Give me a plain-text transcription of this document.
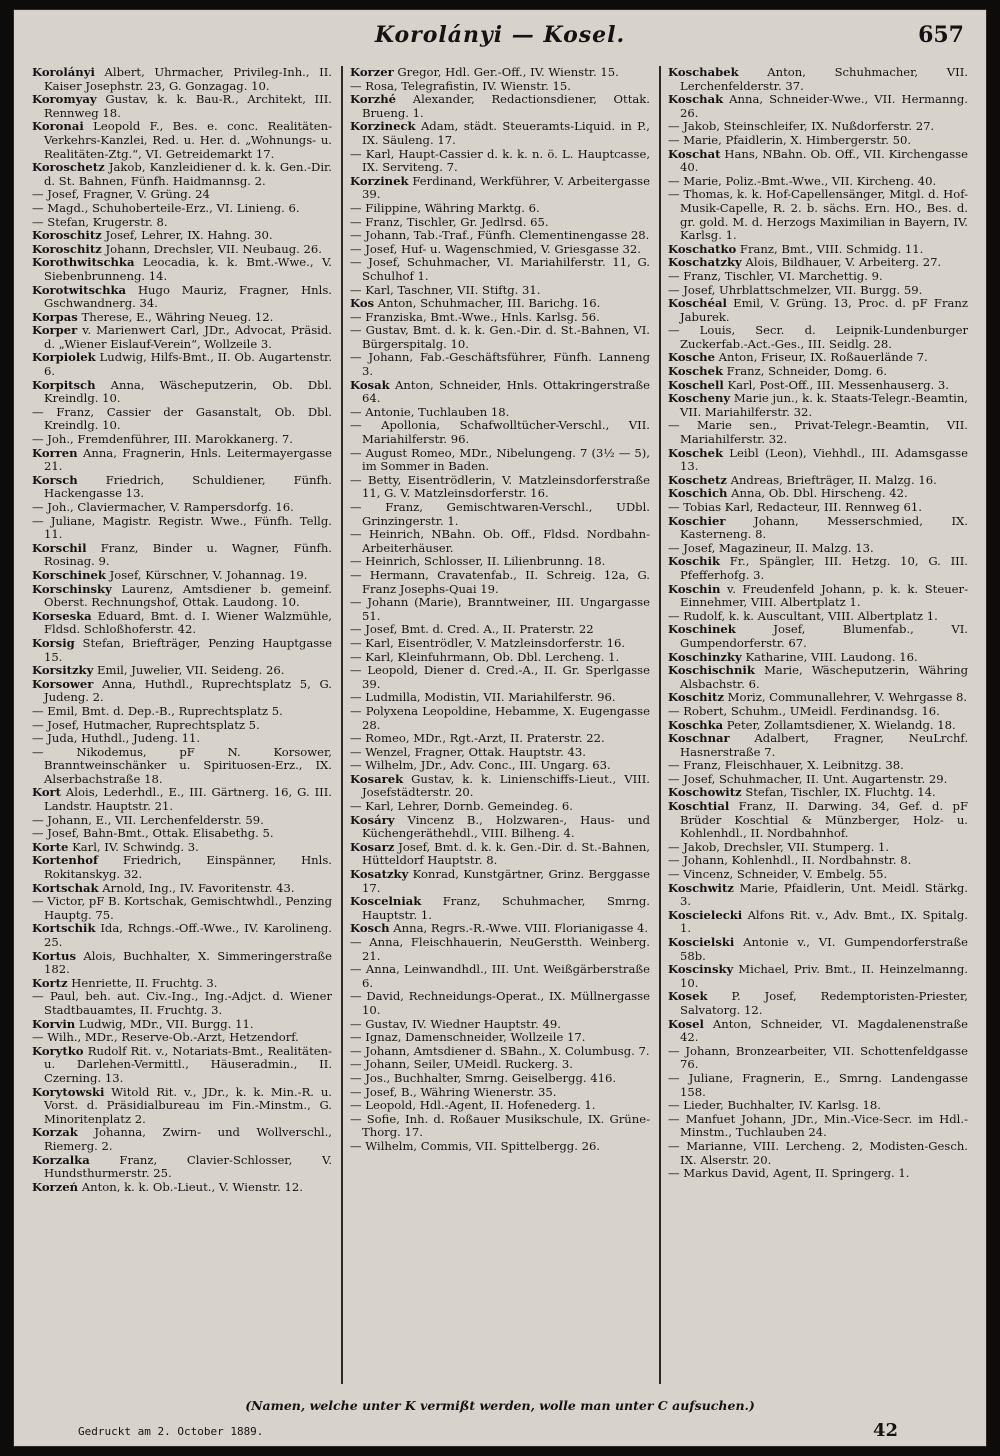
Korolányi — Kosel.	657

Korolányi Albert, Uhrmacher, Privileg-Inh., II. Kaiser Josephstr. 23, G. Gonzagag. 10.

Koromyay Gustav, k. k. Bau-R., Architekt, III. Rennweg 18.

Koronai Leopold F., Bes. e. conc. Realitäten-Verkehrs-Kanzlei, Red. u. Her. d. „Wohnungs- u. Realitäten-Ztg.“, VI. Getreidemarkt 17.

Koroschetz Jakob, Kanzleidiener d. k. k. Gen.-Dir. d. St. Bahnen, Fünfh. Haidmannsg. 2.

— Josef, Fragner, V. Grüng. 24

— Magd., Schuhoberteile-Erz., VI. Linieng. 6.

— Stefan, Krugerstr. 8.

Koroschitz Josef, Lehrer, IX. Hahng. 30.

Koroschitz Johann, Drechsler, VII. Neubaug. 26.

Korothwitschka Leocadia, k. k. Bmt.-Wwe., V. Siebenbrunneng. 14.

Korotwitschka Hugo Mauriz, Fragner, Hnls. Gschwandnerg. 34.

Korpas Therese, E., Währing Neueg. 12.

Korper v. Marienwert Carl, JDr., Advocat, Präsid. d. „Wiener Eislauf-Verein“, Wollzeile 3.

Korpiolek Ludwig, Hilfs-Bmt., II. Ob. Augartenstr. 6.

Korpitsch Anna, Wäscheputzerin, Ob. Dbl. Kreindlg. 10.

— Franz, Cassier der Gasanstalt, Ob. Dbl. Kreindlg. 10.

— Joh., Fremdenführer, III. Marokkanerg. 7.

Korren Anna, Fragnerin, Hnls. Leitermayergasse 21.

Korsch Friedrich, Schuldiener, Fünfh. Hackengasse 13.

— Joh., Claviermacher, V. Rampersdorfg. 16.

— Juliane, Magistr. Registr. Wwe., Fünfh. Tellg. 11.

Korschil Franz, Binder u. Wagner, Fünfh. Rosinag. 9.

Korschinek Josef, Kürschner, V. Johannag. 19.

Korschinsky Laurenz, Amtsdiener b. gemeinf. Oberst. Rechnungshof, Ottak. Laudong. 10.

Korseska Eduard, Bmt. d. I. Wiener Walzmühle, Fldsd. Schloßhoferstr. 42.

Korsig Stefan, Briefträger, Penzing Hauptgasse 15.

Korsitzky Emil, Juwelier, VII. Seideng. 26.

Korsower Anna, Huthdl., Ruprechtsplatz 5, G. Judeng. 2.

— Emil, Bmt. d. Dep.-B., Ruprechtsplatz 5.

— Josef, Hutmacher, Ruprechtsplatz 5.

— Juda, Huthdl., Judeng. 11.

— Nikodemus, pF N. Korsower, Branntweinschänker u. Spirituosen-Erz., IX. Alserbachstraße 18.

Kort Alois, Lederhdl., E., III. Gärtnerg. 16, G. III. Landstr. Hauptstr. 21.

— Johann, E., VII. Lerchenfelderstr. 59.

— Josef, Bahn-Bmt., Ottak. Elisabethg. 5.

Korte Karl, IV. Schwindg. 3.

Kortenhof Friedrich, Einspänner, Hnls. Rokitanskyg. 32.

Kortschak Arnold, Ing., IV. Favoritenstr. 43.

— Victor, pF B. Kortschak, Gemischtwhdl., Penzing Hauptg. 75.

Kortschik Ida, Rchngs.-Off.-Wwe., IV. Karolineng. 25.

Kortus Alois, Buchhalter, X. Simmeringerstraße 182.

Kortz Henriette, II. Fruchtg. 3.

— Paul, beh. aut. Civ.-Ing., Ing.-Adjct. d. Wiener Stadtbauamtes, II. Fruchtg. 3.

Korvin Ludwig, MDr., VII. Burgg. 11.

— Wilh., MDr., Reserve-Ob.-Arzt, Hetzendorf.

Korytko Rudolf Rit. v., Notariats-Bmt., Realitäten- u. Darlehen-Vermittl., Häuseradmin., II. Czerning. 13.

Korytowski Witold Rit. v., JDr., k. k. Min.-R. u. Vorst. d. Präsidialbureau im Fin.-Minstm., G. Minoritenplatz 2.

Korzak Johanna, Zwirn- und Wollverschl., Riemerg. 2.

Korzalka Franz, Clavier-Schlosser, V. Hundsthurmerstr. 25.

Korzeń Anton, k. k. Ob.-Lieut., V. Wienstr. 12.

Korzer Gregor, Hdl. Ger.-Off., IV. Wienstr. 15.

— Rosa, Telegrafistin, IV. Wienstr. 15.

Korzhé Alexander, Redactionsdiener, Ottak. Brueng. 1.

Korzineck Adam, städt. Steueramts-Liquid. in P., IX. Säuleng. 17.

— Karl, Haupt-Cassier d. k. k. n. ö. L. Hauptcasse, IX. Serviteng. 7.

Korzinek Ferdinand, Werkführer, V. Arbeitergasse 39.

— Filippine, Währing Marktg. 6.

— Franz, Tischler, Gr. Jedlrsd. 65.

— Johann, Tab.-Traf., Fünfh. Clementinengasse 28.

— Josef, Huf- u. Wagenschmied, V. Griesgasse 32.

— Josef, Schuhmacher, VI. Mariahilferstr. 11, G. Schulhof 1.

— Karl, Taschner, VII. Stiftg. 31.

Kos Anton, Schuhmacher, III. Barichg. 16.

— Franziska, Bmt.-Wwe., Hnls. Karlsg. 56.

— Gustav, Bmt. d. k. k. Gen.-Dir. d. St.-Bahnen, VI. Bürgerspitalg. 10.

— Johann, Fab.-Geschäftsführer, Fünfh. Lanneng 3.

Kosak Anton, Schneider, Hnls. Ottakringerstraße 64.

— Antonie, Tuchlauben 18.

— Apollonia, Schafwolltücher-Verschl., VII. Mariahilferstr. 96.

— August Romeo, MDr., Nibelungeng. 7 (3½ — 5), im Sommer in Baden.

— Betty, Eisentrödlerin, V. Matzleinsdorferstraße 11, G. V. Matzleinsdorferstr. 16.

— Franz, Gemischtwaren-Verschl., UDbl. Grinzingerstr. 1.

— Heinrich, NBahn. Ob. Off., Fldsd. Nordbahn-Arbeiterhäuser.

— Heinrich, Schlosser, II. Lilienbrunng. 18.

— Hermann, Cravatenfab., II. Schreig. 12a, G. Franz Josephs-Quai 19.

— Johann (Marie), Branntweiner, III. Ungargasse 51.

— Josef, Bmt. d. Cred. A., II. Praterstr. 22

— Karl, Eisentrödler, V. Matzleinsdorferstr. 16.

— Karl, Kleinfuhrmann, Ob. Dbl. Lercheng. 1.

— Leopold, Diener d. Cred.-A., II. Gr. Sperlgasse 39.

— Ludmilla, Modistin, VII. Mariahilferstr. 96.

— Polyxena Leopoldine, Hebamme, X. Eugengasse 28.

— Romeo, MDr., Rgt.-Arzt, II. Praterstr. 22.

— Wenzel, Fragner, Ottak. Hauptstr. 43.

— Wilhelm, JDr., Adv. Conc., III. Ungarg. 63.

Kosarek Gustav, k. k. Linienschiffs-Lieut., VIII. Josefstädterstr. 20.

— Karl, Lehrer, Dornb. Gemeindeg. 6.

Kosáry Vincenz B., Holzwaren-, Haus- und Küchengeräthehdl., VIII. Bilheng. 4.

Kosarz Josef, Bmt. d. k. k. Gen.-Dir. d. St.-Bahnen, Hütteldorf Hauptstr. 8.

Kosatzky Konrad, Kunstgärtner, Grinz. Berggasse 17.

Koscelniak Franz, Schuhmacher, Smrng. Hauptstr. 1.

Kosch Anna, Regrs.-R.-Wwe. VIII. Florianigasse 4.

— Anna, Fleischhauerin, NeuGerstth. Weinberg. 21.

— Anna, Leinwandhdl., III. Unt. Weißgärberstraße 6.

— David, Rechneidungs-Operat., IX. Müllnergasse 10.

— Gustav, IV. Wiedner Hauptstr. 49.

— Ignaz, Damenschneider, Wollzeile 17.

— Johann, Amtsdiener d. SBahn., X. Columbusg. 7.

— Johann, Seiler, UMeidl. Ruckerg. 3.

— Jos., Buchhalter, Smrng. Geiselbergg. 416.

— Josef, B., Währing Wienerstr. 35.

— Leopold, Hdl.-Agent, II. Hofenederg. 1.

— Sofie, Inh. d. Roßauer Musikschule, IX. Grüne-Thorg. 17.

— Wilhelm, Commis, VII. Spittelbergg. 26.

Koschabek Anton, Schuhmacher, VII. Lerchenfelderstr. 37.

Koschak Anna, Schneider-Wwe., VII. Hermanng. 26.

— Jakob, Steinschleifer, IX. Nußdorferstr. 27.

— Marie, Pfaidlerin, X. Himbergerstr. 50.

Koschat Hans, NBahn. Ob. Off., VII. Kirchengasse 40.

— Marie, Poliz.-Bmt.-Wwe., VII. Kircheng. 40.

— Thomas, k. k. Hof-Capellensänger, Mitgl. d. Hof-Musik-Capelle, R. 2. b. sächs. Ern. HO., Bes. d. gr. gold. M. d. Herzogs Maximilian in Bayern, IV. Karlsg. 1.

Koschatko Franz, Bmt., VIII. Schmidg. 11.

Koschatzky Alois, Bildhauer, V. Arbeiterg. 27.

— Franz, Tischler, VI. Marchettig. 9.

— Josef, Uhrblattschmelzer, VII. Burgg. 59.

Koschéal Emil, V. Grüng. 13, Proc. d. pF Franz Jaburek.

— Louis, Secr. d. Leipnik-Lundenburger Zuckerfab.-Act.-Ges., III. Seidlg. 28.

Kosche Anton, Friseur, IX. Roßauerlände 7.

Koschek Franz, Schneider, Domg. 6.

Koschell Karl, Post-Off., III. Messenhauserg. 3.

Koscheny Marie jun., k. k. Staats-Telegr.-Beamtin, VII. Mariahilferstr. 32.

— Marie sen., Privat-Telegr.-Beamtin, VII. Mariahilferstr. 32.

Koschek Leibl (Leon), Viehhdl., III. Adamsgasse 13.

Koschetz Andreas, Briefträger, II. Malzg. 16.

Koschich Anna, Ob. Dbl. Hirscheng. 42.

— Tobias Karl, Redacteur, III. Rennweg 61.

Koschier Johann, Messerschmied, IX. Kasterneng. 8.

— Josef, Magazineur, II. Malzg. 13.

Koschik Fr., Spängler, III. Hetzg. 10, G. III. Pfefferhofg. 3.

Koschin v. Freudenfeld Johann, p. k. k. Steuer-Einnehmer, VIII. Albertplatz 1.

— Rudolf, k. k. Auscultant, VIII. Albertplatz 1.

Koschinek Josef, Blumenfab., VI. Gumpendorferstr. 67.

Koschinzky Katharine, VIII. Laudong. 16.

Koschischnik Marie, Wäscheputzerin, Währing Alsbachstr. 6.

Koschitz Moriz, Communallehrer, V. Wehrgasse 8.

— Robert, Schuhm., UMeidl. Ferdinandsg. 16.

Koschka Peter, Zollamtsdiener, X. Wielandg. 18.

Koschnar Adalbert, Fragner, NeuLrchf. Hasnerstraße 7.

— Franz, Fleischhauer, X. Leibnitzg. 38.

— Josef, Schuhmacher, II. Unt. Augartenstr. 29.

Koschowitz Stefan, Tischler, IX. Fluchtg. 14.

Koschtial Franz, II. Darwing. 34, Gef. d. pF Brüder Koschtial & Münzberger, Holz- u. Kohlenhdl., II. Nordbahnhof.

— Jakob, Drechsler, VII. Stumperg. 1.

— Johann, Kohlenhdl., II. Nordbahnstr. 8.

— Vincenz, Schneider, V. Embelg. 55.

Koschwitz Marie, Pfaidlerin, Unt. Meidl. Stärkg. 3.

Koscielecki Alfons Rit. v., Adv. Bmt., IX. Spitalg. 1.

Koscielski Antonie v., VI. Gumpendorferstraße 58b.

Koscinsky Michael, Priv. Bmt., II. Heinzelmanng. 10.

Kosek P. Josef, Redemptoristen-Priester, Salvatorg. 12.

Kosel Anton, Schneider, VI. Magdalenenstraße 42.

— Johann, Bronzearbeiter, VII. Schottenfeldgasse 76.

— Juliane, Fragnerin, E., Smrng. Landengasse 158.

— Lieder, Buchhalter, IV. Karlsg. 18.

— Manfuet Johann, JDr., Min.-Vice-Secr. im Hdl.-Minstm., Tuchlauben 24.

— Marianne, VIII. Lercheng. 2, Modisten-Gesch. IX. Alserstr. 20.

— Markus David, Agent, II. Springerg. 1.

(Namen, welche unter K vermißt werden, wolle man unter C aufsuchen.)
Gedruckt am 2. October 1889.	42
